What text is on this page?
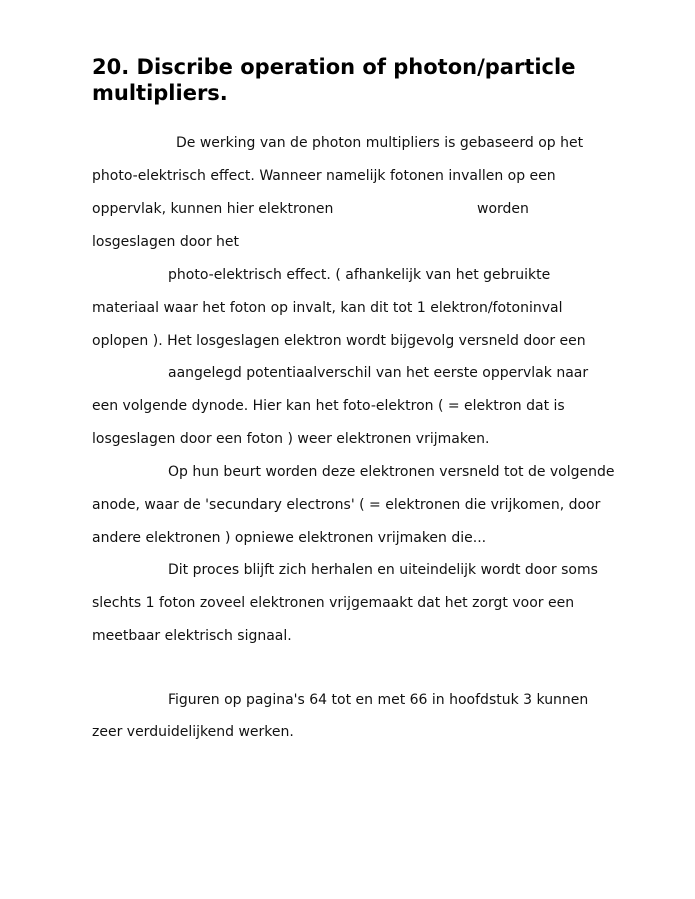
20. Discribe operation of photon/particle multipliers.

De werking van de photon multipliers is gebaseerd op het

photo-elektrisch effect. Wanneer namelijk fotonen invallen op een

oppervlak, kunnen hier elektronen	worden

losgeslagen door het

photo-elektrisch effect. ( afhankelijk van het gebruikte

materiaal waar het foton op invalt, kan dit tot 1 elektron/fotoninval

oplopen ). Het losgeslagen elektron wordt bijgevolg versneld door een

aangelegd potentiaalverschil van het eerste oppervlak naar

een volgende dynode. Hier kan het foto-elektron ( = elektron dat is

losgeslagen door een foton ) weer elektronen vrijmaken.

Op hun beurt worden deze elektronen versneld tot de volgende

anode, waar de 'secundary electrons' ( = elektronen die vrijkomen, door

andere elektronen ) opniewe elektronen vrijmaken die...

Dit proces blijft zich herhalen en uiteindelijk wordt door soms

slechts 1 foton zoveel elektronen vrijgemaakt dat het zorgt voor een

meetbaar elektrisch signaal.

Figuren op pagina's 64 tot en met 66 in hoofdstuk 3 kunnen

zeer verduidelijkend werken.
